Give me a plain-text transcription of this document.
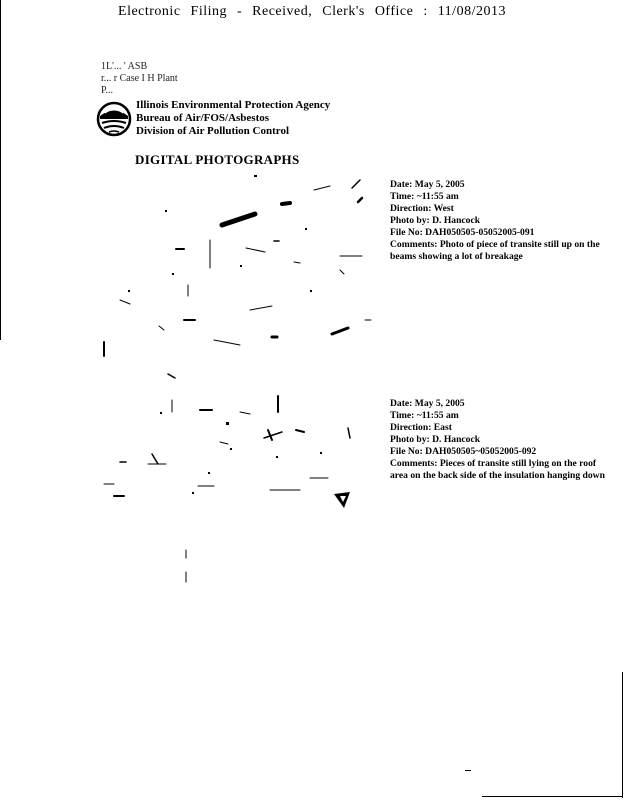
Electronic Filing - Received, Clerk's Office : 11/08/2013
1L'... ' ASB
r... r Case I H Plant
P...
Illinois Environmental Protection Agency
Bureau of Air/FOS/Asbestos
Division of Air Pollution Control
DIGITAL PHOTOGRAPHS
Date: May 5, 2005
Time: ~11:55 am
Direction: West
Photo by: D. Hancock
File No: DAH050505-05052005-091
Comments: Photo of piece of transite still up on the beams showing a lot of breakage
Date: May 5, 2005
Time: ~11:55 am
Direction: East
Photo by: D. Hancock
File No: DAH050505~05052005-092
Comments: Pieces of transite still lying on the roof area on the back side of the insulation hanging down
